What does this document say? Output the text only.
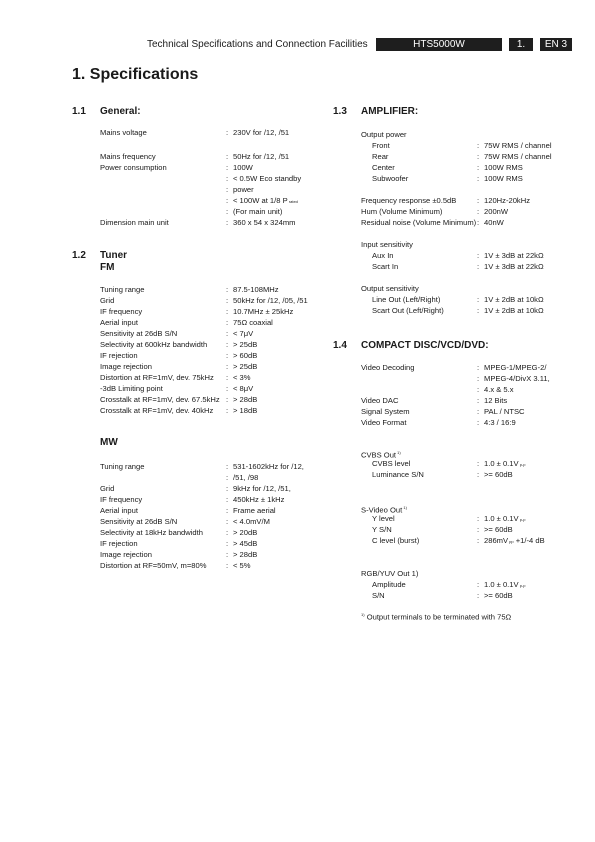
Technical Specifications and Connection Facilities	HTS5000W	1.	EN 3
1. Specifications
1.1 General:
1.2 Tuner
FM
MW
1.3 AMPLIFIER:
1.4 COMPACT DISC/VCD/DVD:
Mains voltage	: 230V for /12, /51
Mains frequency	: 50Hz for /12, /51
Power consumption	: 100W
: < 0.5W Eco standby
: power
: < 100W at 1/8 P rated
: (For main unit)
Dimension main unit	: 360 x 54 x 324mm
Tuning range	: 87.5-108MHz
Grid	: 50kHz for /12, /05, /51
IF frequency	: 10.7MHz ± 25kHz
Aerial input	: 75Ω coaxial
Sensitivity at 26dB S/N	: < 7μV
Selectivity at 600kHz bandwidth : > 25dB
IF rejection	: > 60dB
Image rejection	: > 25dB
Distortion at RF=1mV, dev. 75kHz : < 3%
-3dB Limiting point	: < 8μV
Crosstalk at RF=1mV, dev. 67.5kHz : > 28dB
Crosstalk at RF=1mV, dev. 40kHz : > 18dB
Tuning range	: 531-1602kHz for /12,
: /51, /98
Grid	: 9kHz for /12, /51,
IF frequency	: 450kHz ± 1kHz
Aerial input	: Frame aerial
Sensitivity at 26dB S/N	: < 4.0mV/M
Selectivity at 18kHz bandwidth	: > 20dB
IF rejection	: > 45dB
Image rejection	: > 28dB
Distortion at RF=50mV, m=80%	: < 5%
Output power
Front	: 75W RMS / channel
Rear	: 75W RMS / channel
Center	: 100W RMS
Subwoofer	: 100W RMS
Frequency response ±0.5dB	: 120Hz-20kHz
Hum (Volume Minimum)	: 200nW
Residual noise (Volume Minimum) : 40nW
Input sensitivity
Aux In	: 1V ± 3dB at 22kΩ
Scart In	: 1V ± 3dB at 22kΩ
Output sensitivity
Line Out (Left/Right)	: 1V ± 2dB at 10kΩ
Scart Out (Left/Right)	: 1V ± 2dB at 10kΩ
Video Decoding	: MPEG-1/MPEG-2/
: MPEG-4/DivX 3.11,
: 4.x & 5.x
Video DAC	: 12 Bits
Signal System	: PAL / NTSC
Video Format	: 4:3 / 16:9
CVBS Out $^{1)}$
CVBS level	: 1.0 ± 0.1V p-p
Luminance S/N	: >= 60dB
S-Video Out $^{1)}$
Y level	: 1.0 ± 0.1V p-p
Y S/N	: >= 60dB
C level (burst)	: 286mV pp +1/-4 dB
RGB/YUV Out 1)
Amplitude	: 1.0 ± 0.1V p-p
S/N	: >= 60dB
$^{1)}$ Output terminals to be terminated with 75Ω
